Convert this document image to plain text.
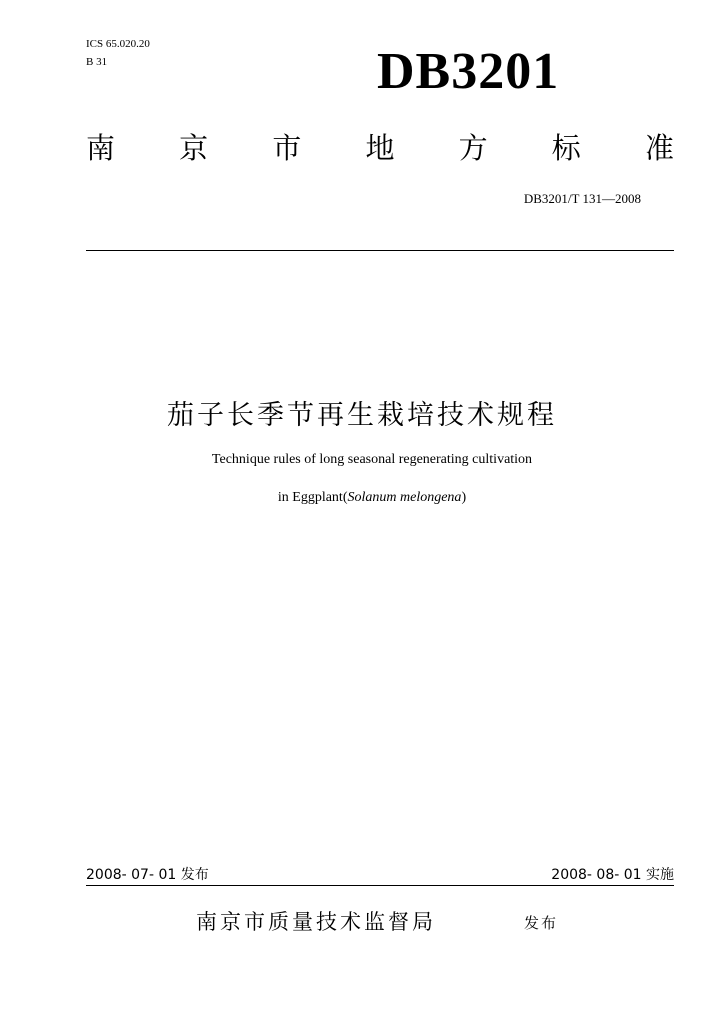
ICS 65.020.20
B 31	DB3201
南 京 市 地 方 标 准
DB3201/T 131—2008
茄子长季节再生栽培技术规程
Technique rules of long seasonal regenerating cultivation
in Eggplant(Solanum melongena)
2008- 07- 01 发布	2008- 08- 01 实施
南京市质量技术监督局	发布
